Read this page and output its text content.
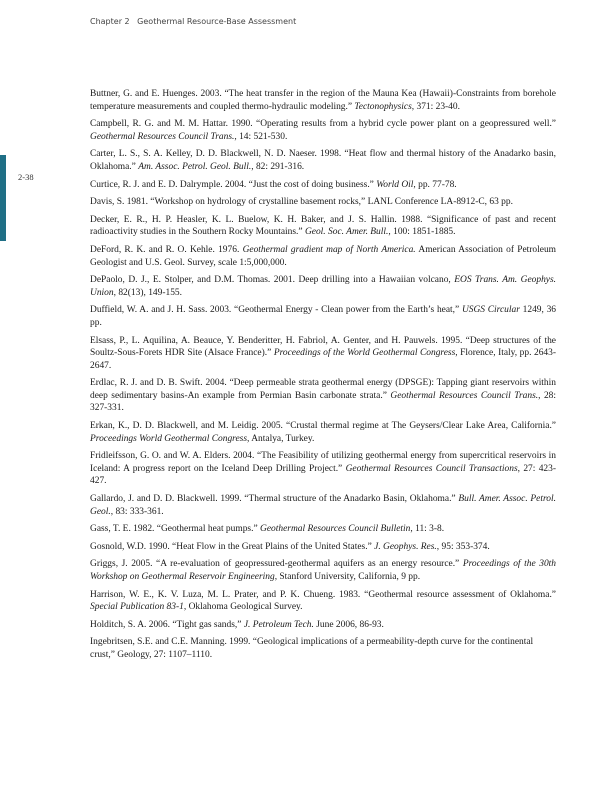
Chapter 2 Geothermal Resource-Base Assessment
2-38
Buttner, G. and E. Huenges. 2003. “The heat transfer in the region of the Mauna Kea (Hawaii)-Constraints from borehole temperature measurements and coupled thermo-hydraulic modeling.” Tectonophysics, 371: 23-40.
Campbell, R. G. and M. M. Hattar. 1990. “Operating results from a hybrid cycle power plant on a geopressured well.” Geothermal Resources Council Trans., 14: 521-530.
Carter, L. S., S. A. Kelley, D. D. Blackwell, N. D. Naeser. 1998. “Heat flow and thermal history of the Anadarko basin, Oklahoma.” Am. Assoc. Petrol. Geol. Bull., 82: 291-316.
Curtice, R. J. and E. D. Dalrymple. 2004. “Just the cost of doing business.” World Oil, pp. 77-78.
Davis, S. 1981. “Workshop on hydrology of crystalline basement rocks,” LANL Conference LA-8912-C, 63 pp.
Decker, E. R., H. P. Heasler, K. L. Buelow, K. H. Baker, and J. S. Hallin. 1988. “Significance of past and recent radioactivity studies in the Southern Rocky Mountains.” Geol. Soc. Amer. Bull., 100: 1851-1885.
DeFord, R. K. and R. O. Kehle. 1976. Geothermal gradient map of North America. American Association of Petroleum Geologist and U.S. Geol. Survey, scale 1:5,000,000.
DePaolo, D. J., E. Stolper, and D.M. Thomas. 2001. Deep drilling into a Hawaiian volcano, EOS Trans. Am. Geophys. Union, 82(13), 149-155.
Duffield, W. A. and J. H. Sass. 2003. “Geothermal Energy - Clean power from the Earth’s heat,” USGS Circular 1249, 36 pp.
Elsass, P., L. Aquilina, A. Beauce, Y. Benderitter, H. Fabriol, A. Genter, and H. Pauwels. 1995. “Deep structures of the Soultz-Sous-Forets HDR Site (Alsace France).” Proceedings of the World Geothermal Congress, Florence, Italy, pp. 2643-2647.
Erdlac, R. J. and D. B. Swift. 2004. “Deep permeable strata geothermal energy (DPSGE): Tapping giant reservoirs within deep sedimentary basins-An example from Permian Basin carbonate strata.” Geothermal Resources Council Trans., 28: 327-331.
Erkan, K., D. D. Blackwell, and M. Leidig. 2005. “Crustal thermal regime at The Geysers/Clear Lake Area, California.” Proceedings World Geothermal Congress, Antalya, Turkey.
Fridleifsson, G. O. and W. A. Elders. 2004. “The Feasibility of utilizing geothermal energy from supercritical reservoirs in Iceland: A progress report on the Iceland Deep Drilling Project.” Geothermal Resources Council Transactions, 27: 423-427.
Gallardo, J. and D. D. Blackwell. 1999. “Thermal structure of the Anadarko Basin, Oklahoma.” Bull. Amer. Assoc. Petrol. Geol., 83: 333-361.
Gass, T. E. 1982. “Geothermal heat pumps.” Geothermal Resources Council Bulletin, 11: 3-8.
Gosnold, W.D. 1990. “Heat Flow in the Great Plains of the United States.” J. Geophys. Res., 95: 353-374.
Griggs, J. 2005. “A re-evaluation of geopressured-geothermal aquifers as an energy resource.” Proceedings of the 30th Workshop on Geothermal Reservoir Engineering, Stanford University, California, 9 pp.
Harrison, W. E., K. V. Luza, M. L. Prater, and P. K. Chueng. 1983. “Geothermal resource assessment of Oklahoma.” Special Publication 83-1, Oklahoma Geological Survey.
Holditch, S. A. 2006. “Tight gas sands,” J. Petroleum Tech. June 2006, 86-93.
Ingebritsen, S.E. and C.E. Manning. 1999. “Geological implications of a permeability-depth curve for the continental crust,” Geology, 27: 1107–1110.
